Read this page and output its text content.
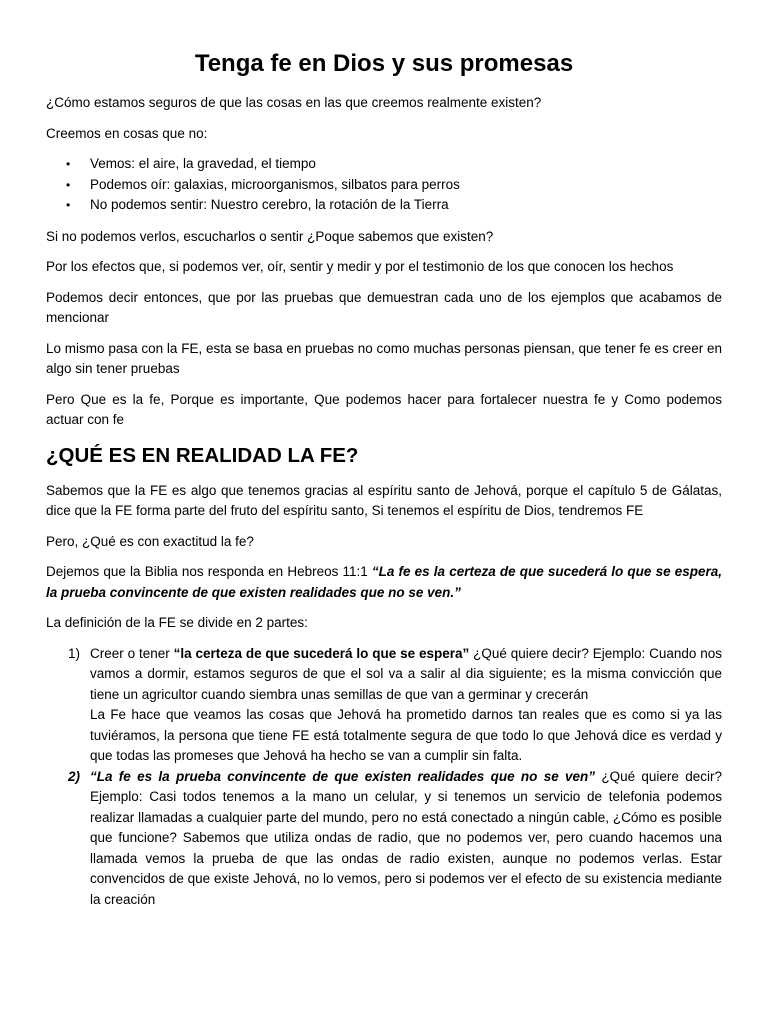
Tenga fe en Dios y sus promesas

¿Cómo estamos seguros de que las cosas en las que creemos realmente existen?

Creemos en cosas que no:

• Vemos: el aire, la gravedad, el tiempo
• Podemos oír: galaxias, microorganismos, silbatos para perros
• No podemos sentir: Nuestro cerebro, la rotación de la Tierra

Si no podemos verlos, escucharlos o sentir ¿Poque sabemos que existen?

Por los efectos que, si podemos ver, oír, sentir y medir y por el testimonio de los que conocen los hechos

Podemos decir entonces, que por las pruebas que demuestran cada uno de los ejemplos que acabamos de mencionar

Lo mismo pasa con la FE, esta se basa en pruebas no como muchas personas piensan, que tener fe es creer en algo sin tener pruebas

Pero Que es la fe, Porque es importante, Que podemos hacer para fortalecer nuestra fe y Como podemos actuar con fe

¿QUÉ ES EN REALIDAD LA FE?

Sabemos que la FE es algo que tenemos gracias al espíritu santo de Jehová, porque el capítulo 5 de Gálatas, dice que la FE forma parte del fruto del espíritu santo, Si tenemos el espíritu de Dios, tendremos FE

Pero, ¿Qué es con exactitud la fe?

Dejemos que la Biblia nos responda en Hebreos 11:1 “La fe es la certeza de que sucederá lo que se espera, la prueba convincente de que existen realidades que no se ven.”

La definición de la FE se divide en 2 partes:

1) Creer o tener “la certeza de que sucederá lo que se espera” ¿Qué quiere decir? Ejemplo: Cuando nos vamos a dormir, estamos seguros de que el sol va a salir al dia siguiente; es la misma convicción que tiene un agricultor cuando siembra unas semillas de que van a germinar y crecerán
La Fe hace que veamos las cosas que Jehová ha prometido darnos tan reales que es como si ya las tuviéramos, la persona que tiene FE está totalmente segura de que todo lo que Jehová dice es verdad y que todas las promeses que Jehová ha hecho se van a cumplir sin falta.
2) “La fe es la prueba convincente de que existen realidades que no se ven” ¿Qué quiere decir? Ejemplo: Casi todos tenemos a la mano un celular, y si tenemos un servicio de telefonia podemos realizar llamadas a cualquier parte del mundo, pero no está conectado a ningún cable, ¿Cómo es posible que funcione? Sabemos que utiliza ondas de radio, que no podemos ver, pero cuando hacemos una llamada vemos la prueba de que las ondas de radio existen, aunque no podemos verlas. Estar convencidos de que existe Jehová, no lo vemos, pero si podemos ver el efecto de su existencia mediante la creación
